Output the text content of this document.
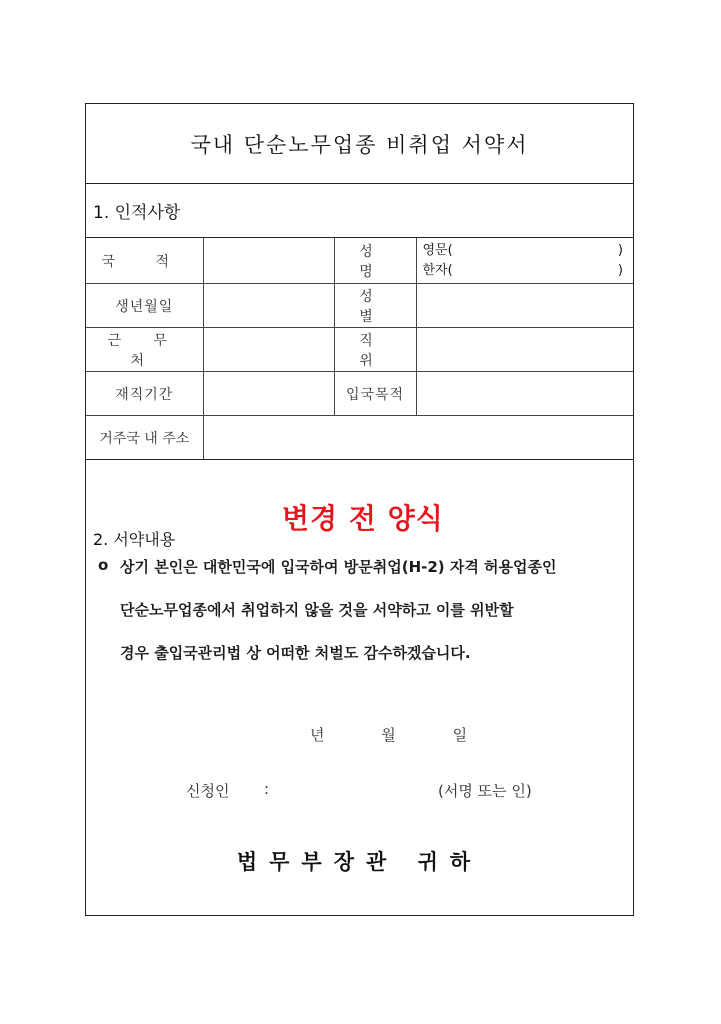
국내 단순노무업종 비취업 서약서
1. 인적사항
국 적		성 명	영문( )
한자( )

생년월일		성 별	
근 무 처		직 위	
재직기간		입국목적	
거주국 내 주소			
변경 전 양식
2. 서약내용
o 상기 본인은 대한민국에 입국하여 방문취업(H-2) 자격 허용업종인
단순노무업종에서 취업하지 않을 것을 서약하고 이를 위반할
경우 출입국관리법 상 어떠한 처벌도 감수하겠습니다.
년	월	일
신청인 :	(서명 또는 인)
법무부장관 귀하
